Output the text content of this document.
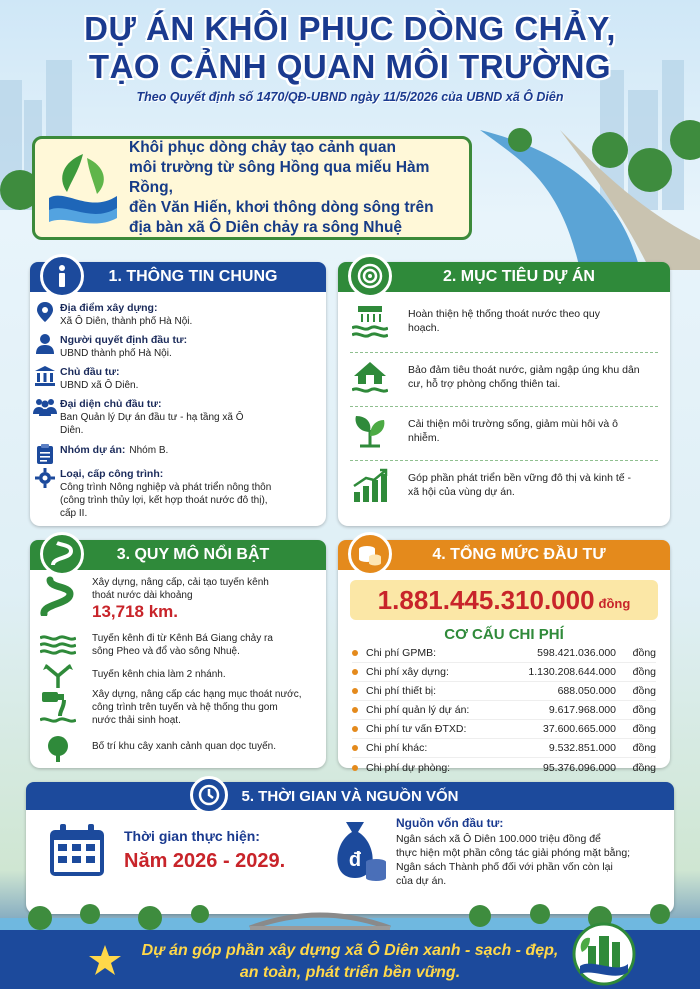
DỰ ÁN KHÔI PHỤC DÒNG CHẢY,
TẠO CẢNH QUAN MÔI TRƯỜNG
Theo Quyết định số 1470/QĐ-UBND ngày 11/5/2026 của UBND xã Ô Diên
Khôi phục dòng chảy tạo cảnh quan
môi trường từ sông Hồng qua miếu Hàm Rồng,
đền Văn Hiến, khơi thông dòng sông trên
địa bàn xã Ô Diên chảy ra sông Nhuệ
1. THÔNG TIN CHUNG
Địa điểm xây dựng:
Xã Ô Diên, thành phố Hà Nội.
Người quyết định đầu tư:
UBND thành phố Hà Nội.
Chủ đầu tư:
UBND xã Ô Diên.
Đại diện chủ đầu tư:
Ban Quản lý Dự án đầu tư - hạ tầng xã Ô Diên.
Nhóm dự án: Nhóm B.
Loại, cấp công trình:
Công trình Nông nghiệp và phát triển nông thôn (công trình thủy lợi, kết hợp thoát nước đô thị), cấp II.
2. MỤC TIÊU DỰ ÁN
Hoàn thiện hệ thống thoát nước theo quy hoạch.
Bảo đảm tiêu thoát nước, giảm ngập úng khu dân cư, hỗ trợ phòng chống thiên tai.
Cải thiện môi trường sống, giảm mùi hôi và ô nhiễm.
Góp phần phát triển bền vững đô thị và kinh tế - xã hội của vùng dự án.
3. QUY MÔ NỔI BẬT
Xây dựng, nâng cấp, cải tạo tuyến kênh thoát nước dài khoảng
13,718 km.
Tuyến kênh đi từ Kênh Bá Giang chảy ra sông Pheo và đổ vào sông Nhuệ.
Tuyến kênh chia làm 2 nhánh.
Xây dựng, nâng cấp các hạng mục thoát nước, công trình trên tuyến và hệ thống thu gom nước thải sinh hoạt.
Bố trí khu cây xanh cảnh quan dọc tuyến.
4. TỔNG MỨC ĐẦU TƯ
1.881.445.310.000 đồng
CƠ CẤU CHI PHÍ
Chi phí GPMB:	598.421.036.000	đồng
Chi phí xây dựng:	1.130.208.644.000	đồng
Chi phí thiết bị:	688.050.000	đồng
Chi phí quản lý dự án:	9.617.968.000	đồng
Chi phí tư vấn ĐTXD:	37.600.665.000	đồng
Chi phí khác:	9.532.851.000	đồng
Chi phí dự phòng:	95.376.096.000	đồng
5. THỜI GIAN VÀ NGUỒN VỐN
Thời gian thực hiện:
Năm 2026 - 2029.	đ
Nguồn vốn đầu tư:
Ngân sách xã Ô Diên 100.000 triệu đồng để
thực hiện một phần công tác giải phóng mặt bằng;
Ngân sách Thành phố đối với phần vốn còn lại
của dự án.
Dự án góp phần xây dựng xã Ô Diên xanh - sạch - đẹp,
an toàn, phát triển bền vững.
